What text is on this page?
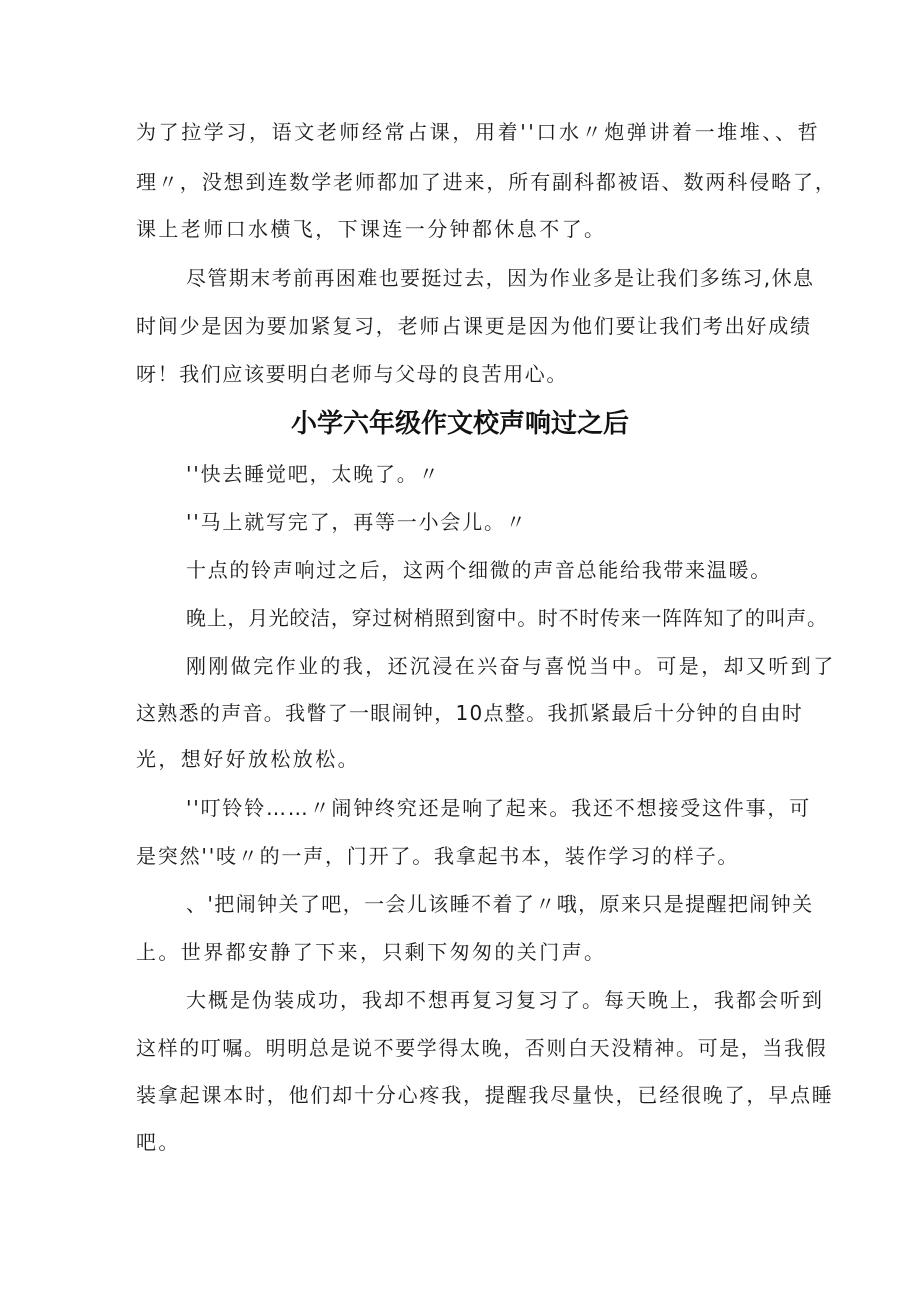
为了拉学习，语文老师经常占课，用着''口水〃炮弹讲着一堆堆、、哲
理〃，没想到连数学老师都加了进来，所有副科都被语、数两科侵略了，
课上老师口水横飞，下课连一分钟都休息不了。
尽管期末考前再困难也要挺过去，因为作业多是让我们多练习,休息
时间少是因为要加紧复习，老师占课更是因为他们要让我们考出好成绩
呀！我们应该要明白老师与父母的良苦用心。
小学六年级作文校声响过之后
''快去睡觉吧，太晚了。〃
''马上就写完了，再等一小会儿。〃
十点的铃声响过之后，这两个细微的声音总能给我带来温暖。
晚上，月光皎洁，穿过树梢照到窗中。时不时传来一阵阵知了的叫声。
刚刚做完作业的我，还沉浸在兴奋与喜悦当中。可是，却又听到了
这熟悉的声音。我瞥了一眼闹钟，10点整。我抓紧最后十分钟的自由时
光，想好好放松放松。
''叮铃铃……〃闹钟终究还是响了起来。我还不想接受这件事，可
是突然''吱〃的一声，门开了。我拿起书本，装作学习的样子。
、'把闹钟关了吧，一会儿该睡不着了〃哦，原来只是提醒把闹钟关
上。世界都安静了下来，只剩下匆匆的关门声。
大概是伪装成功，我却不想再复习复习了。每天晚上，我都会听到
这样的叮嘱。明明总是说不要学得太晚，否则白天没精神。可是，当我假
装拿起课本时，他们却十分心疼我，提醒我尽量快，已经很晚了，早点睡
吧。
